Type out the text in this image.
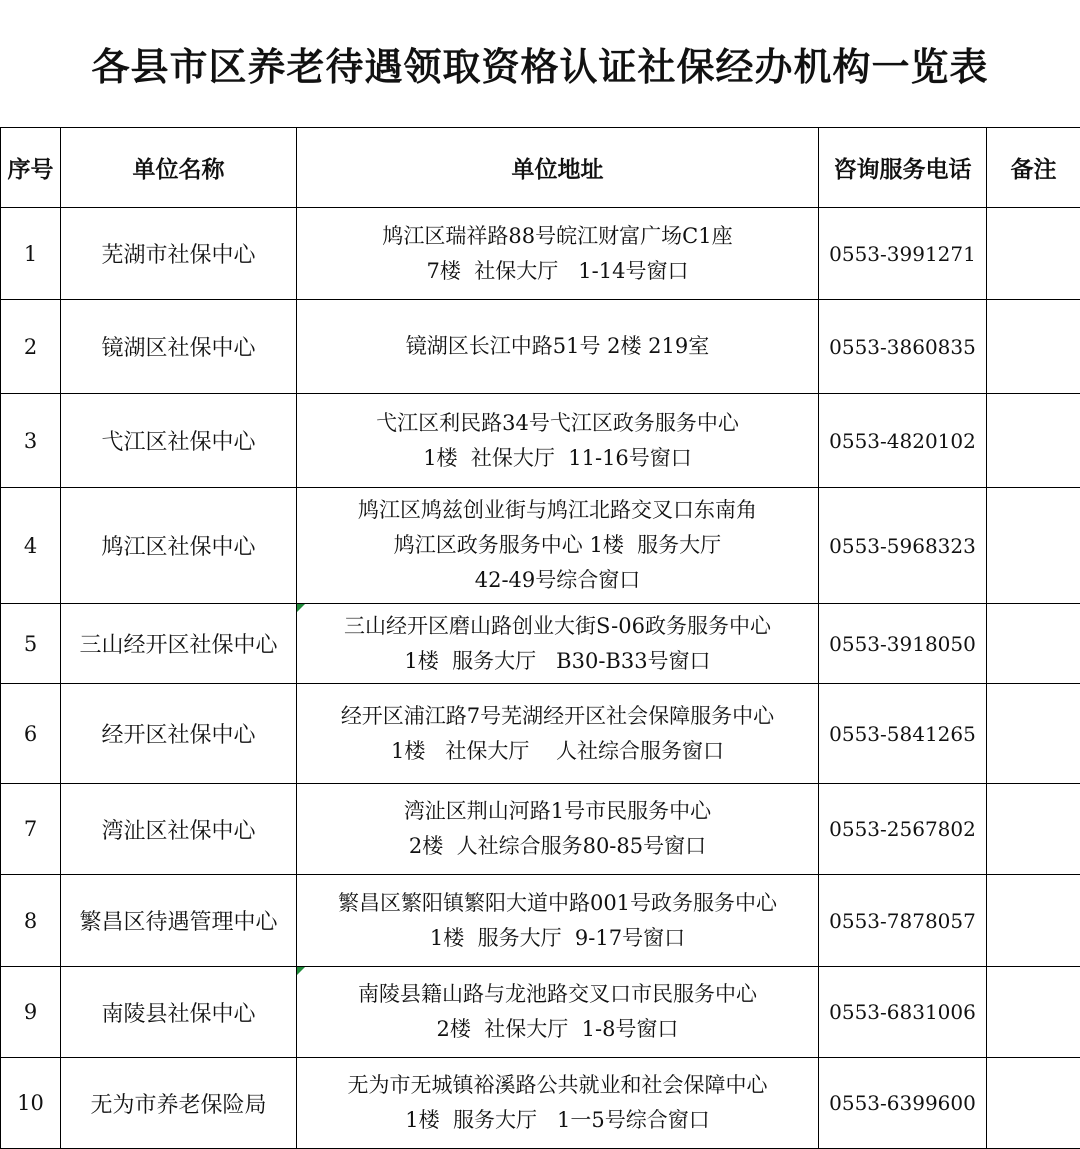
各县市区养老待遇领取资格认证社保经办机构一览表
序号	单位名称	单位地址	咨询服务电话	备注
1	芜湖市社保中心	鸠江区瑞祥路88号皖江财富广场C1座
7楼  社保大厅   1-14号窗口	0553-3991271	
2	镜湖区社保中心	镜湖区长江中路51号 2楼 219室	0553-3860835	
3	弋江区社保中心	弋江区利民路34号弋江区政务服务中心
1楼  社保大厅  11-16号窗口	0553-4820102	
4	鸠江区社保中心	鸠江区鸠兹创业街与鸠江北路交叉口东南角
鸠江区政务服务中心 1楼  服务大厅
42-49号综合窗口	0553-5968323	
5	三山经开区社保中心	三山经开区磨山路创业大街S-06政务服务中心
1楼  服务大厅   B30-B33号窗口	0553-3918050	
6	经开区社保中心	经开区浦江路7号芜湖经开区社会保障服务中心
1楼   社保大厅    人社综合服务窗口	0553-5841265	
7	湾沚区社保中心	湾沚区荆山河路1号市民服务中心
2楼  人社综合服务80-85号窗口	0553-2567802	
8	繁昌区待遇管理中心	繁昌区繁阳镇繁阳大道中路001号政务服务中心
1楼  服务大厅  9-17号窗口	0553-7878057	
9	南陵县社保中心	南陵县籍山路与龙池路交叉口市民服务中心
2楼  社保大厅  1-8号窗口	0553-6831006	
10	无为市养老保险局	无为市无城镇裕溪路公共就业和社会保障中心
1楼  服务大厅   1一5号综合窗口	0553-6399600	
